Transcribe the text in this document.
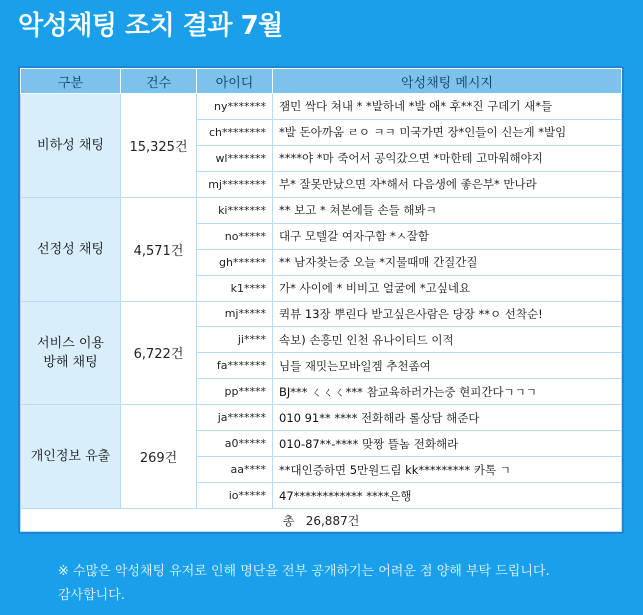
악성채팅 조치 결과 7월
구분	건수	아이디	악성채팅 메시지
비하성 채팅	15,325건	ny*******	잼민 싹다 쳐내 * *발하네 *발 애* 후**진 구데기 새*들
		ch********	*발 돈아까움 ㄹㅇ ㅋㅋ 미국가면 장*인들이 신는게 *발임
		wl*******	****야 *마 죽어서 공익갔으면 *마한테 고마워해야지
		mj********	부* 잘못만났으면 자*해서 다음생에 좋은부* 만나라
선정성 채팅	4,571건	ki*******	** 보고 * 쳐본에들 손들 해봐ㅋ
		no*****	대구 모텔갈 여자구함 *ㅅ잘함
		gh******	** 남자찾는중 오늘 *지물때매 간질간질
		k1****	가* 사이에 * 비비고 얼굴에 *고싶네요

서비스 이용
방해 채팅	6,722건	mj*****	퀵뷰 13장 뿌린다 받고싶은사람은 당장 **ㅇ 선착순!
		ji****	속보) 손흥민 인천 유나이티드 이적
		fa*******	님들 재밋는모바일겜 추천좀여
		pp*****	BJ*** ㄑㄑㄑ*** 참교육하러가는중 현피간다ㄱㄱㄱ
개인정보 유출	269건	ja*******	010 91** **** 전화해라 롤상담 해준다
		a0*****	010-87**-**** 맞짱 뜰놈 전화해라
		aa****	**대인증하면 5만원드림 kk********* 카톡 ㄱ
		io*****	47************ ****은행
총   26,887건			
※ 수많은 악성채팅 유저로 인해 명단을 전부 공개하기는 어려운 점 양해 부탁 드립니다.
감사합니다.
